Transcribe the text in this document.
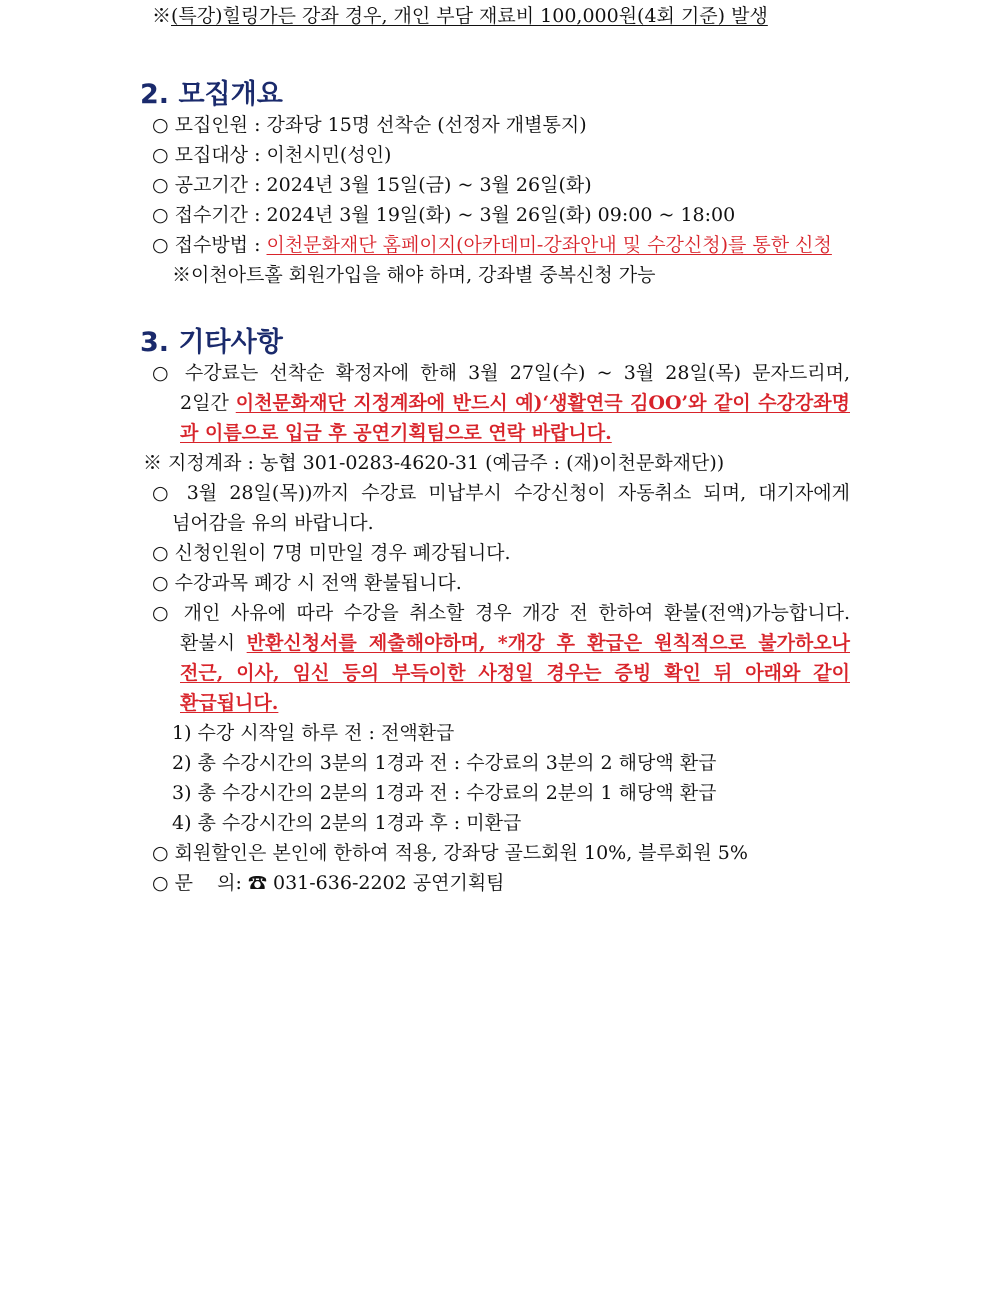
※(특강)힐링가든 강좌 경우, 개인 부담 재료비 100,000원(4회 기준) 발생
2. 모집개요
○ 모집인원 : 강좌당 15명 선착순 (선정자 개별통지)
○ 모집대상 : 이천시민(성인)
○ 공고기간 : 2024년 3월 15일(금) ~ 3월 26일(화)
○ 접수기간 : 2024년 3월 19일(화) ~ 3월 26일(화) 09:00 ~ 18:00
○ 접수방법 : 이천문화재단 홈페이지(아카데미-강좌안내 및 수강신청)를 통한 신청
※이천아트홀 회원가입을 해야 하며, 강좌별 중복신청 가능
3. 기타사항
○ 수강료는 선착순 확정자에 한해 3월 27일(수) ~ 3월 28일(목) 문자드리며,
2일간 이천문화재단 지정계좌에 반드시 예)‘생활연극 김OO’와 같이 수강강좌명
과 이름으로 입금 후 공연기획팀으로 연락 바랍니다.
※ 지정계좌 : 농협 301-0283-4620-31 (예금주 : (재)이천문화재단))
○ 3월 28일(목))까지 수강료 미납부시 수강신청이 자동취소 되며, 대기자에게
넘어감을 유의 바랍니다.
○ 신청인원이 7명 미만일 경우 폐강됩니다.
○ 수강과목 폐강 시 전액 환불됩니다.
○ 개인 사유에 따라 수강을 취소할 경우 개강 전 한하여 환불(전액)가능합니다.
환불시 반환신청서를 제출해야하며, *개강 후 환급은 원칙적으로 불가하오나
전근, 이사, 임신 등의 부득이한 사정일 경우는 증빙 확인 뒤 아래와 같이
환급됩니다.
1) 수강 시작일 하루 전 : 전액환급
2) 총 수강시간의 3분의 1경과 전 : 수강료의 3분의 2 해당액 환급
3) 총 수강시간의 2분의 1경과 전 : 수강료의 2분의 1 해당액 환급
4) 총 수강시간의 2분의 1경과 후 : 미환급
○ 회원할인은 본인에 한하여 적용, 강좌당 골드회원 10%, 블루회원 5%
○ 문    의: ☎ 031-636-2202 공연기획팀
